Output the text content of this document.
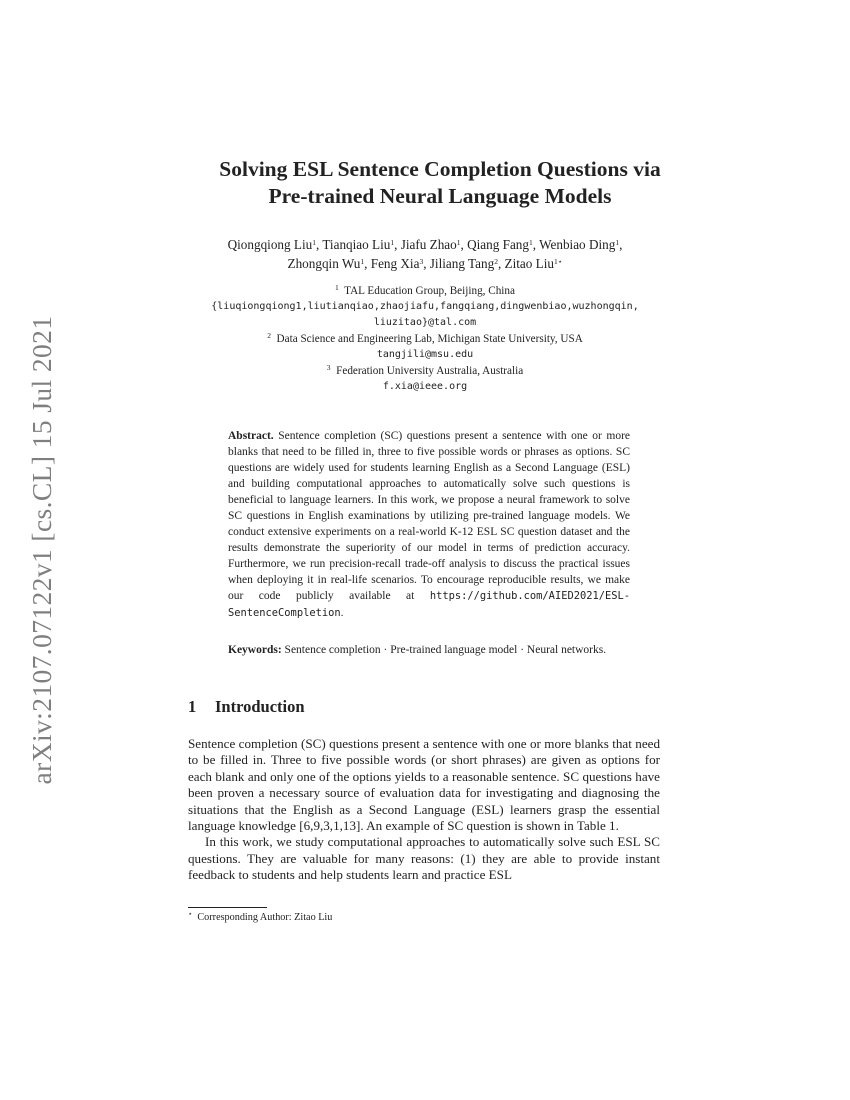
arXiv:2107.07122v1 [cs.CL] 15 Jul 2021
Solving ESL Sentence Completion Questions via
Pre-trained Neural Language Models
Qiongqiong Liu$^1$, Tianqiao Liu$^1$, Jiafu Zhao$^1$, Qiang Fang$^1$, Wenbiao Ding$^1$,
Zhongqin Wu$^1$, Feng Xia$^3$, Jiliang Tang$^2$, Zitao Liu$^{1⋆}$
$^1$ TAL Education Group, Beijing, China
{liuqiongqiong1,liutianqiao,zhaojiafu,fangqiang,dingwenbiao,wuzhongqin,
liuzitao}@tal.com
$^2$ Data Science and Engineering Lab, Michigan State University, USA
tangjili@msu.edu
$^3$ Federation University Australia, Australia
f.xia@ieee.org

Abstract. Sentence completion (SC) questions present a sentence with one or more blanks that need to be filled in, three to five possible words or phrases as options. SC questions are widely used for students learning English as a Second Language (ESL) and building computational approaches to automatically solve such questions is beneficial to language learners. In this work, we propose a neural framework to solve SC questions in English examinations by utilizing pre-trained language models. We conduct extensive experiments on a real-world K-12 ESL SC question dataset and the results demonstrate the superiority of our model in terms of prediction accuracy. Furthermore, we run precision-recall trade-off analysis to discuss the practical issues when deploying it in real-life scenarios. To encourage reproducible results, we make our code publicly available at https://github.com/AIED2021/ESL-SentenceCompletion.

Keywords: Sentence completion · Pre-trained language model · Neural networks.

1 Introduction

Sentence completion (SC) questions present a sentence with one or more blanks that need to be filled in. Three to five possible words (or short phrases) are given as options for each blank and only one of the options yields to a reasonable sentence. SC questions have been proven a necessary source of evaluation data for investigating and diagnosing the situations that the English as a Second Language (ESL) learners grasp the essential language knowledge [6,9,3,1,13]. An example of SC question is shown in Table 1.

In this work, we study computational approaches to automatically solve such ESL SC questions. They are valuable for many reasons: (1) they are able to provide instant feedback to students and help students learn and practice ESL

⋆ Corresponding Author: Zitao Liu
